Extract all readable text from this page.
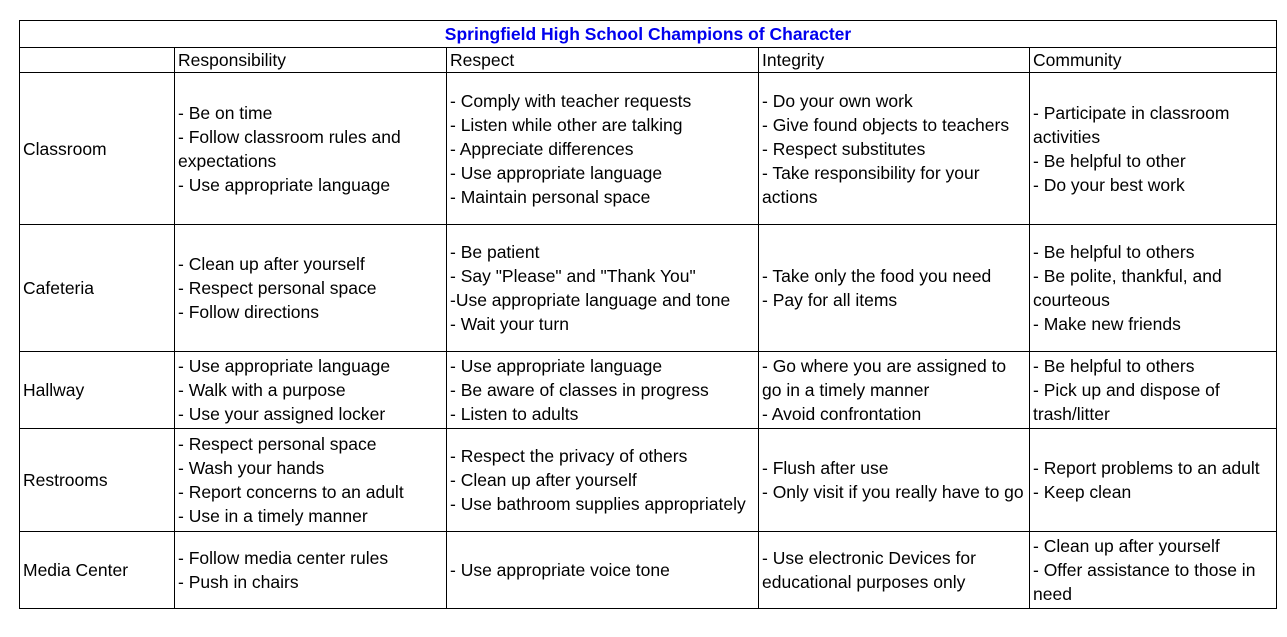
Springfield High School Champions of Character				
	Responsibility	Respect	Integrity	Community
Classroom	- Be on time
- Follow classroom rules and expectations
- Use appropriate language	- Comply with teacher requests
- Listen while other are talking
- Appreciate differences
- Use appropriate language
- Maintain personal space	- Do your own work
- Give found objects to teachers
- Respect substitutes
- Take responsibility for your actions	- Participate in classroom activities
- Be helpful to other
- Do your best work

Cafeteria	- Clean up after yourself
- Respect personal space
- Follow directions	- Be patient
- Say "Please" and "Thank You"
-Use appropriate language and tone
- Wait your turn	- Take only the food you need
- Pay for all items	- Be helpful to others
- Be polite, thankful, and courteous
- Make new friends

Hallway	- Use appropriate language
- Walk with a purpose
- Use your assigned locker	- Use appropriate language
- Be aware of classes in progress
- Listen to adults	- Go where you are assigned to go in a timely manner
- Avoid confrontation	- Be helpful to others
- Pick up and dispose of trash/litter

Restrooms	- Respect personal space
- Wash your hands
- Report concerns to an adult
- Use in a timely manner	- Respect the privacy of others
- Clean up after yourself
- Use bathroom supplies appropriately	- Flush after use
- Only visit if you really have to go	- Report problems to an adult
- Keep clean

Media Center	- Follow media center rules
- Push in chairs	- Use appropriate voice tone	- Use electronic Devices for educational purposes only	- Clean up after yourself
- Offer assistance to those in need
